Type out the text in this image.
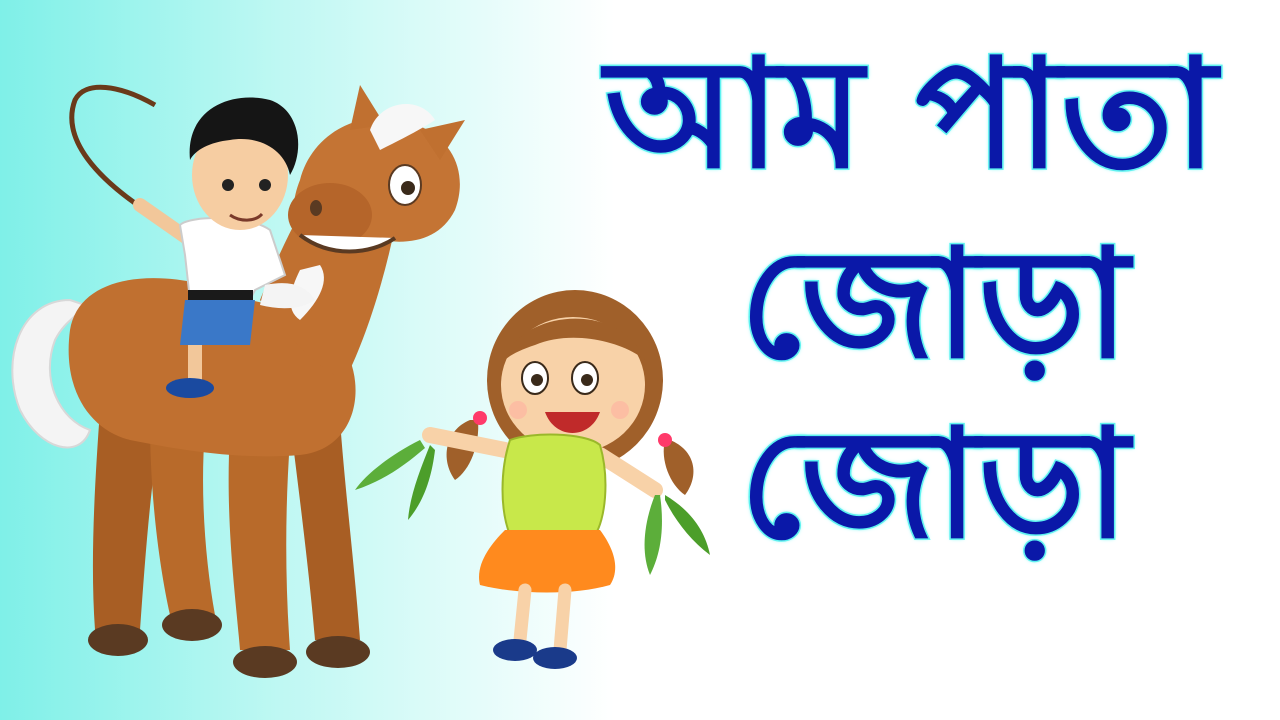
আম পাতা
জোড়া
জোড়া
